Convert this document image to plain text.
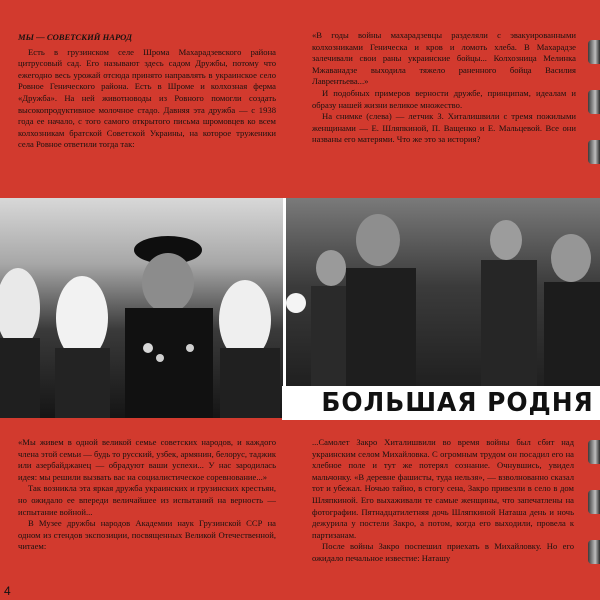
МЫ — СОВЕТСКИЙ НАРОД

Есть в грузинском селе Шрома Махарадзевского района цитрусовый сад. Его называют здесь садом Дружбы, потому что ежегодно весь урожай отсюда принято направлять в украинское село Ровное Генического района. Есть в Шроме и колхозная ферма «Дружба». На ней животноводы из Ровного помогли создать высокопродуктивное молочное стадо. Давняя эта дружба — с 1938 года ее начало, с того самого открытого письма шромовцев ко всем колхозникам братской Советской Украины, на которое труженики села Ровное ответили тогда так:

«В годы войны махарадзевцы разделяли с эвакуированными колхозниками Геническа и кров и ломоть хлеба. В Махарадзе залечивали свои раны украинские бойцы... Колхозница Мелинка Мжаванадзе выходила тяжело раненного бойца Василия Лаврентьева...»

И подобных примеров верности дружбе, принципам, идеалам и образу нашей жизни великое множество.

На снимке (слева) — летчик З. Хиталишвили с тремя пожилыми женщинами — Е. Шляпкиной, П. Ващенко и Е. Мальцевой. Все они названы его матерями. Что же это за история?

БОЛЬШАЯ РОДНЯ

«Мы живем в одной великой семье советских народов, и каждого члена этой семьи — будь то русский, узбек, армянин, белорус, таджик или азербайджанец — обрадуют ваши успехи... У нас зародилась идея: мы решили вызвать вас на социалистическое соревнование...»

Так возникла эта яркая дружба украинских и грузинских крестьян, но ожидало ее впереди величайшее из испытаний на верность — испытание войной...

В Музее дружбы народов Академии наук Грузинской ССР на одном из стендов экспозиции, посвященных Великой Отечественной, читаем:

...Самолет Закро Хиталишвили во время войны был сбит над украинским селом Михайловка. С огромным трудом он посадил его на хлебное поле и тут же потерял сознание. Очнувшись, увидел мальчонку. «В деревне фашисты, туда нельзя», — взволнованно сказал тот и убежал. Ночью тайно, в стогу сена, Закро привезли в село в дом Шляпкиной. Его выхаживали те самые женщины, что запечатлены на фотографии. Пятнадцатилетняя дочь Шляпкиной Наташа день и ночь дежурила у постели Закро, а потом, когда его выходили, провела к партизанам.

После войны Закро поспешил приехать в Михайловку. Но его ожидало печальное известие: Наташу

4
